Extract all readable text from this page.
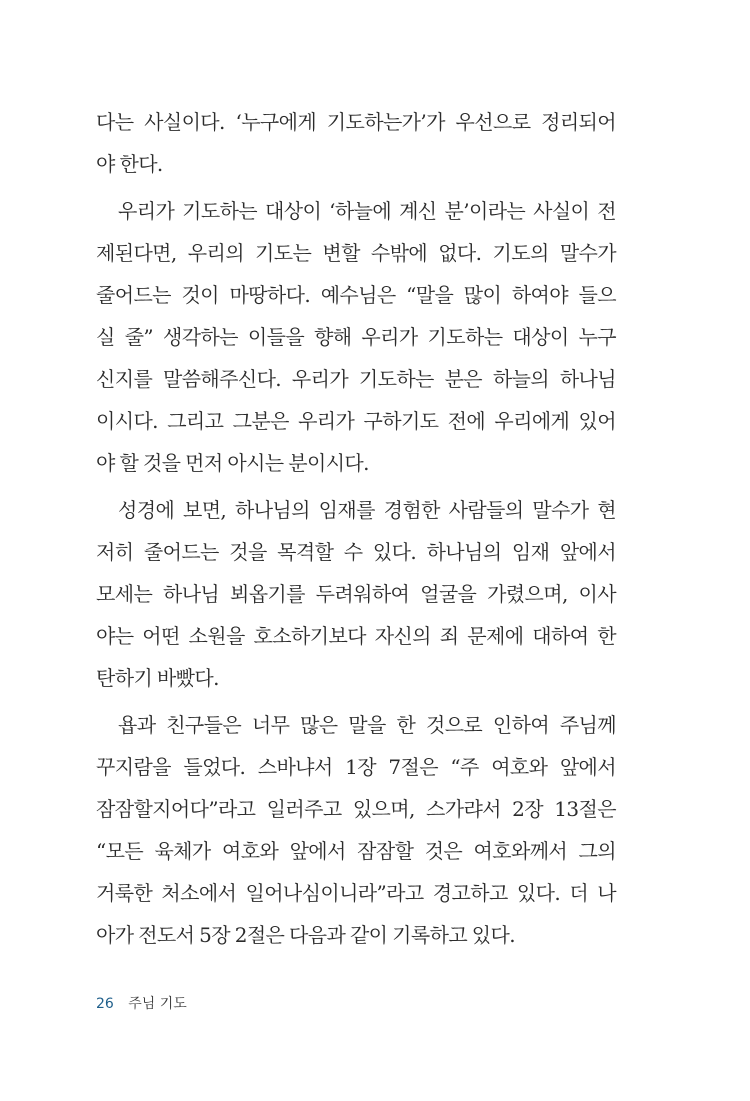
다는 사실이다. ‘누구에게 기도하는가’가 우선으로 정리되어
야 한다.
우리가 기도하는 대상이 ‘하늘에 계신 분’이라는 사실이 전
제된다면, 우리의 기도는 변할 수밖에 없다. 기도의 말수가
줄어드는 것이 마땅하다. 예수님은 “말을 많이 하여야 들으
실 줄” 생각하는 이들을 향해 우리가 기도하는 대상이 누구
신지를 말씀해주신다. 우리가 기도하는 분은 하늘의 하나님
이시다. 그리고 그분은 우리가 구하기도 전에 우리에게 있어
야 할 것을 먼저 아시는 분이시다.
성경에 보면, 하나님의 임재를 경험한 사람들의 말수가 현
저히 줄어드는 것을 목격할 수 있다. 하나님의 임재 앞에서
모세는 하나님 뵈옵기를 두려워하여 얼굴을 가렸으며, 이사
야는 어떤 소원을 호소하기보다 자신의 죄 문제에 대하여 한
탄하기 바빴다.
욥과 친구들은 너무 많은 말을 한 것으로 인하여 주님께
꾸지람을 들었다. 스바냐서 1장 7절은 “주 여호와 앞에서
잠잠할지어다”라고 일러주고 있으며, 스가랴서 2장 13절은
“모든 육체가 여호와 앞에서 잠잠할 것은 여호와께서 그의
거룩한 처소에서 일어나심이니라”라고 경고하고 있다. 더 나
아가 전도서 5장 2절은 다음과 같이 기록하고 있다.
26 주님 기도
